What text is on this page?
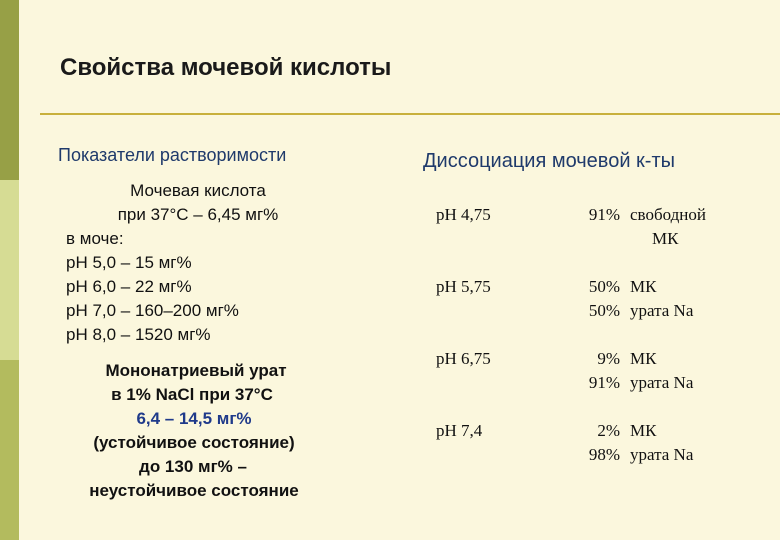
Свойства мочевой кислоты
Показатели растворимости
Мочевая кислота
при 37°С – 6,45 мг%
в моче:
рН 5,0 – 15 мг%
рН 6,0 – 22 мг%
рН 7,0 – 160–200 мг%
рН 8,0 – 1520 мг%
Мононатриевый урат
в 1% NaCl при 37°С
6,4 – 14,5 мг%
(устойчивое состояние)
до 130 мг% –
неустойчивое состояние
Диссоциация мочевой к-ты
pH 4,75	91% свободной
МК
pH 5,75	50% МК
50% урата Na
pH 6,75	9% МК
91% урата Na
pH 7,4	2% МК
98% урата Na
